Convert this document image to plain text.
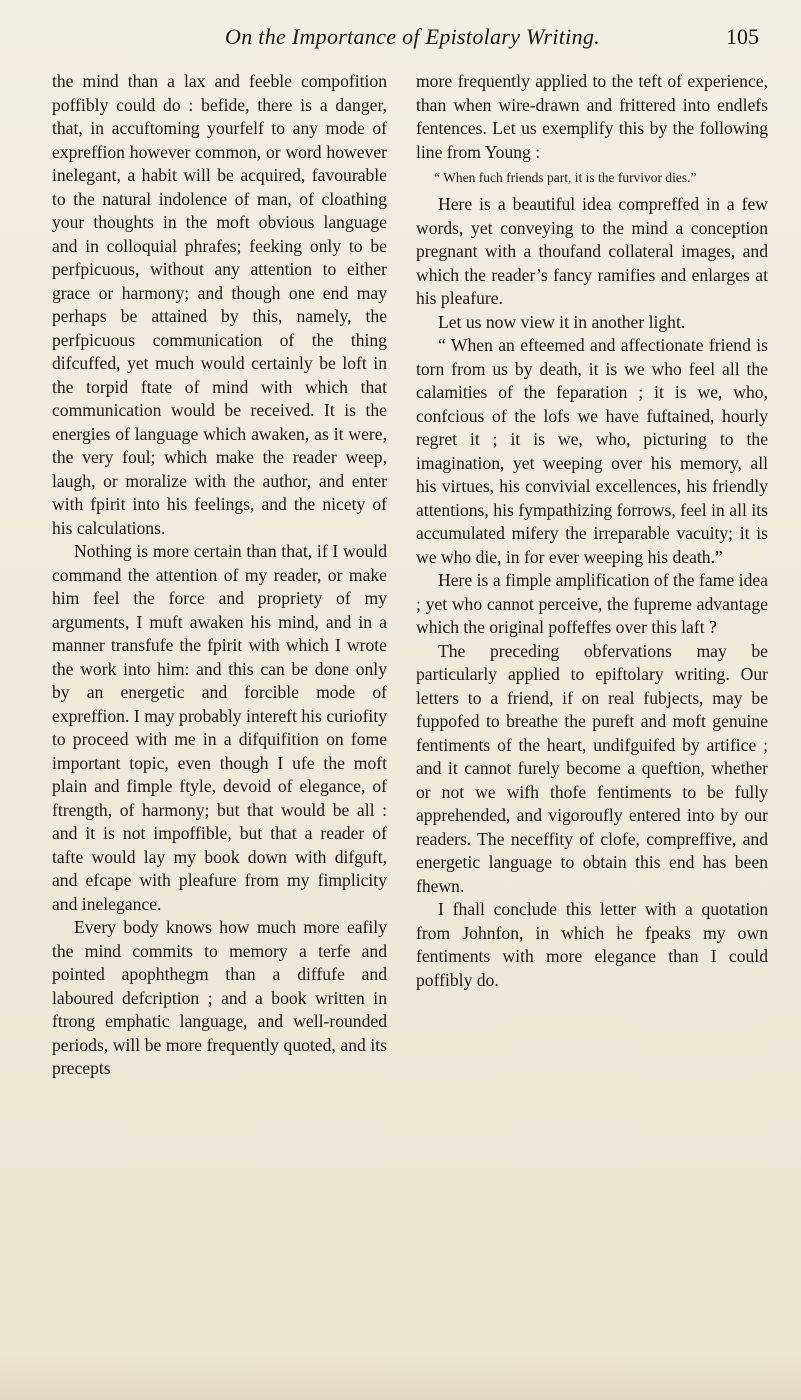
On the Importance of Epistolary Writing.	105

the mind than a lax and feeble compofition poffibly could do : befide, there is a danger, that, in accuftoming yourfelf to any mode of expreffion however common, or word however inelegant, a habit will be acquired, favourable to the natural indolence of man, of cloathing your thoughts in the moft obvious language and in colloquial phrafes; feeking only to be perfpicuous, without any attention to either grace or harmony; and though one end may perhaps be attained by this, namely, the perfpicuous communication of the thing difcuffed, yet much would certainly be loft in the torpid ftate of mind with which that communication would be received. It is the energies of language which awaken, as it were, the very foul; which make the reader weep, laugh, or moralize with the author, and enter with fpirit into his feelings, and the nicety of his calculations.

Nothing is more certain than that, if I would command the attention of my reader, or make him feel the force and propriety of my arguments, I muft awaken his mind, and in a manner transfufe the fpirit with which I wrote the work into him: and this can be done only by an energetic and forcible mode of expreffion. I may probably intereft his curiofity to proceed with me in a difquifition on fome important topic, even though I ufe the moft plain and fimple ftyle, devoid of elegance, of ftrength, of harmony; but that would be all : and it is not impoffible, but that a reader of tafte would lay my book down with difguft, and efcape with pleafure from my fimplicity and inelegance.

Every body knows how much more eafily the mind commits to memory a terfe and pointed apophthegm than a diffufe and laboured defcription ; and a book written in ftrong emphatic language, and well-rounded periods, will be more frequently quoted, and its precepts

more frequently applied to the teft of experience, than when wire-drawn and frittered into endlefs fentences. Let us exemplify this by the following line from Young :

“ When fuch friends part, it is the furvivor dies.”

Here is a beautiful idea compreffed in a few words, yet conveying to the mind a conception pregnant with a thoufand collateral images, and which the reader’s fancy ramifies and enlarges at his pleafure.

Let us now view it in another light.

“ When an efteemed and affectionate friend is torn from us by death, it is we who feel all the calamities of the feparation ; it is we, who, confcious of the lofs we have fuftained, hourly regret it ; it is we, who, picturing to the imagination, yet weeping over his memory, all his virtues, his convivial excellences, his friendly attentions, his fympathizing forrows, feel in all its accumulated mifery the irreparable vacuity; it is we who die, in for ever weeping his death.”

Here is a fimple amplification of the fame idea ; yet who cannot perceive, the fupreme advantage which the original poffeffes over this laft ?

The preceding obfervations may be particularly applied to epiftolary writing. Our letters to a friend, if on real fubjects, may be fuppofed to breathe the pureft and moft genuine fentiments of the heart, undifguifed by artifice ; and it cannot furely become a queftion, whether or not we wifh thofe fentiments to be fully apprehended, and vigoroufly entered into by our readers. The neceffity of clofe, compreffive, and energetic language to obtain this end has been fhewn.

I fhall conclude this letter with a quotation from Johnfon, in which he fpeaks my own fentiments with more elegance than I could poffibly do.
